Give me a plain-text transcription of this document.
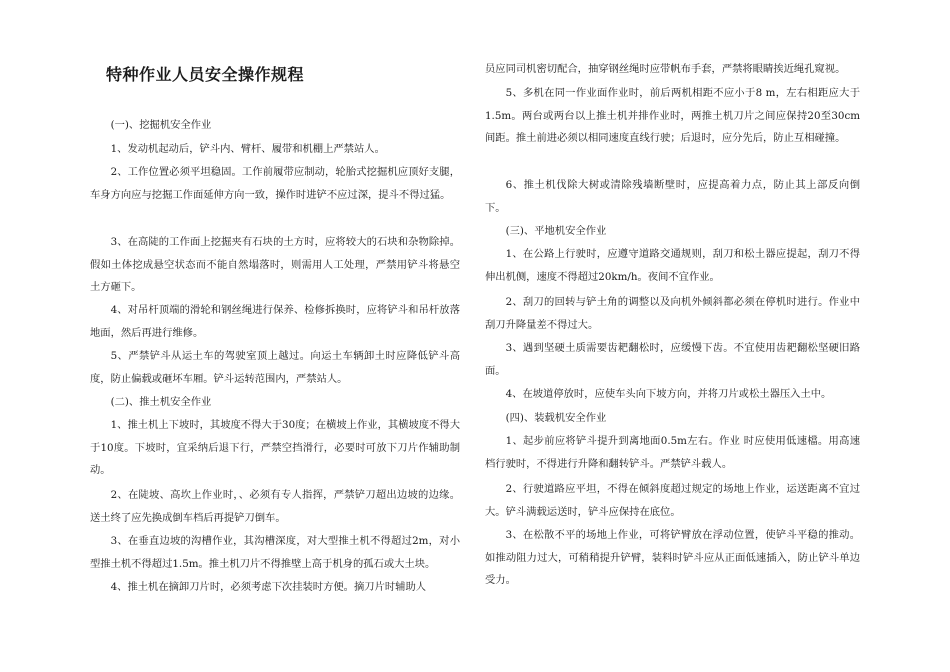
特种作业人员安全操作规程

(一)、挖掘机安全作业

1、发动机起动后，铲斗内、臂杆、履带和机棚上严禁站人。

2、工作位置必须平坦稳固。工作前履带应制动，轮胎式挖掘机应顶好支腿，车身方向应与挖掘工作面延伸方向一致，操作时进铲不应过深，提斗不得过猛。

3、在高陡的工作面上挖掘夹有石块的土方时，应将较大的石块和杂物除掉。假如土体挖成悬空状态而不能自然塌落时，则需用人工处理，严禁用铲斗将悬空土方砸下。

4、对吊杆顶端的滑轮和钢丝绳进行保养、检修拆换时，应将铲斗和吊杆放落地面，然后再进行维修。

5、严禁铲斗从运土车的驾驶室顶上越过。向运土车辆卸土时应降低铲斗高度，防止偏载或砸坏车厢。铲斗运转范围内，严禁站人。

(二)、推土机安全作业

1、推土机上下坡时，其坡度不得大于30度；在横坡上作业，其横坡度不得大于10度。下坡时，宜采纳后退下行，严禁空挡滑行，必要时可放下刀片作辅助制动。

2、在陡坡、高坎上作业时，、必须有专人指挥，严禁铲刀超出边坡的边缘。送土终了应先换成倒车档后再提铲刀倒车。

3、在垂直边坡的沟槽作业，其沟槽深度，对大型推土机不得超过2m，对小型推土机不得超过1.5m。推土机刀片不得推壁上高于机身的孤石或大土块。

4、推土机在摘卸刀片时，必须考虑下次挂装时方便。摘刀片时辅助人

员应同司机密切配合，抽穿钢丝绳时应带帆布手套，严禁将眼睛挨近绳孔窥视。

5、多机在同一作业面作业时，前后两机相距不应小于8 m，左右相距应大于1.5m。两台或两台以上推土机并排作业时，两推土机刀片之间应保持20至30cm间距。推土前进必须以相同速度直线行驶；后退时，应分先后，防止互相碰撞。

6、推土机伐除大树或清除残墙断壁时，应提高着力点，防止其上部反向倒下。

(三)、平地机安全作业

1、在公路上行驶时，应遵守道路交通规则，刮刀和松土器应提起，刮刀不得伸出机侧，速度不得超过20km/h。夜间不宜作业。

2、刮刀的回转与铲土角的调整以及向机外倾斜都必须在停机时进行。作业中刮刀升降量差不得过大。

3、遇到坚硬土质需要齿耙翻松时，应缓慢下齿。不宜使用齿耙翻松坚硬旧路面。

4、在坡道停放时，应使车头向下坡方向，并将刀片或松土器压入土中。

(四)、装载机安全作业

1、起步前应将铲斗提升到离地面0.5m左右。作业 时应使用低速檔。用高速档行驶时，不得进行升降和翻转铲斗。严禁铲斗载人。

2、行驶道路应平坦，不得在倾斜度超过规定的场地上作业，运送距离不宜过大。铲斗满载运送时，铲斗应保持在底位。

3、在松散不平的场地上作业，可将铲臂放在浮动位置，使铲斗平稳的推动。如推动阻力过大，可稍稍提升铲臂，装料时铲斗应从正面低速插入，防止铲斗单边受力。
